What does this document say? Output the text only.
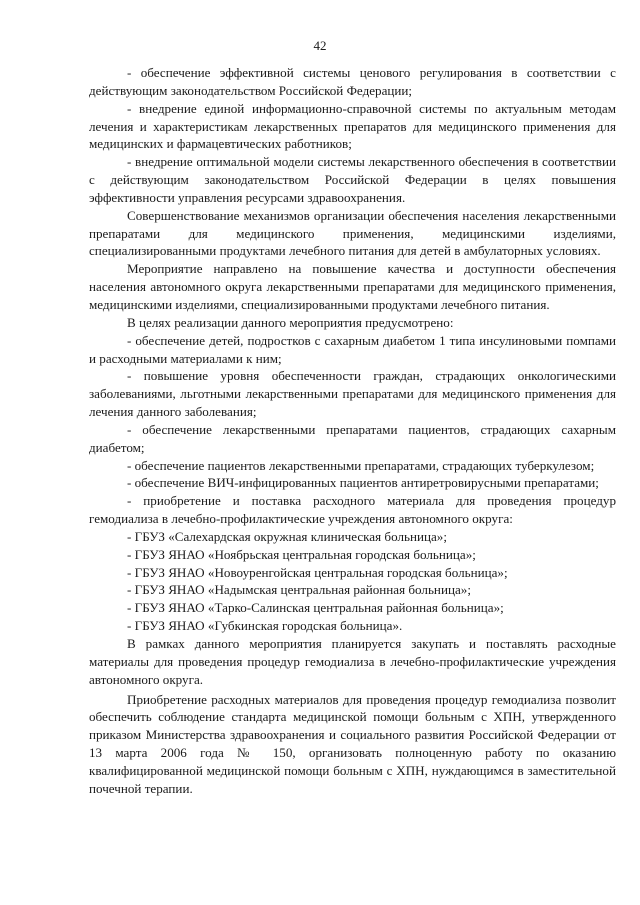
42

- обеспечение эффективной системы ценового регулирования в соответствии с действующим законодательством Российской Федерации;

- внедрение единой информационно-справочной системы по актуальным методам лечения и характеристикам лекарственных препаратов для медицинского применения для медицинских и фармацевтических работников;

- внедрение оптимальной модели системы лекарственного обеспечения в соответствии с действующим законодательством Российской Федерации в целях повышения эффективности управления ресурсами здравоохранения.

Совершенствование механизмов организации обеспечения населения лекарственными препаратами для медицинского применения, медицинскими изделиями, специализированными продуктами лечебного питания для детей в амбулаторных условиях.

Мероприятие направлено на повышение качества и доступности обеспечения населения автономного округа лекарственными препаратами для медицинского применения, медицинскими изделиями, специализированными продуктами лечебного питания.

В целях реализации данного мероприятия предусмотрено:

- обеспечение детей, подростков с сахарным диабетом 1 типа инсулиновыми помпами и расходными материалами к ним;

- повышение уровня обеспеченности граждан, страдающих онкологическими заболеваниями, льготными лекарственными препаратами для медицинского применения для лечения данного заболевания;

- обеспечение лекарственными препаратами пациентов, страдающих сахарным диабетом;

- обеспечение пациентов лекарственными препаратами, страдающих туберкулезом;

- обеспечение ВИЧ-инфицированных пациентов антиретровирусными препаратами;

- приобретение и поставка расходного материала для проведения процедур гемодиализа в лечебно-профилактические учреждения автономного округа:

- ГБУЗ «Салехардская окружная клиническая больница»;

- ГБУЗ ЯНАО «Ноябрьская центральная городская больница»;

- ГБУЗ ЯНАО «Новоуренгойская центральная городская больница»;

- ГБУЗ ЯНАО «Надымская центральная районная больница»;

- ГБУЗ ЯНАО «Тарко-Салинская центральная районная больница»;

- ГБУЗ ЯНАО «Губкинская городская больница».

В рамках данного мероприятия планируется закупать и поставлять расходные материалы для проведения процедур гемодиализа в лечебно-профилактические учреждения автономного округа.

Приобретение расходных материалов для проведения процедур гемодиализа позволит обеспечить соблюдение стандарта медицинской помощи больным с ХПН, утвержденного приказом Министерства здравоохранения и социального развития Российской Федерации от 13 марта 2006 года № 150, организовать полноценную работу по оказанию квалифицированной медицинской помощи больным с ХПН, нуждающимся в заместительной почечной терапии.
